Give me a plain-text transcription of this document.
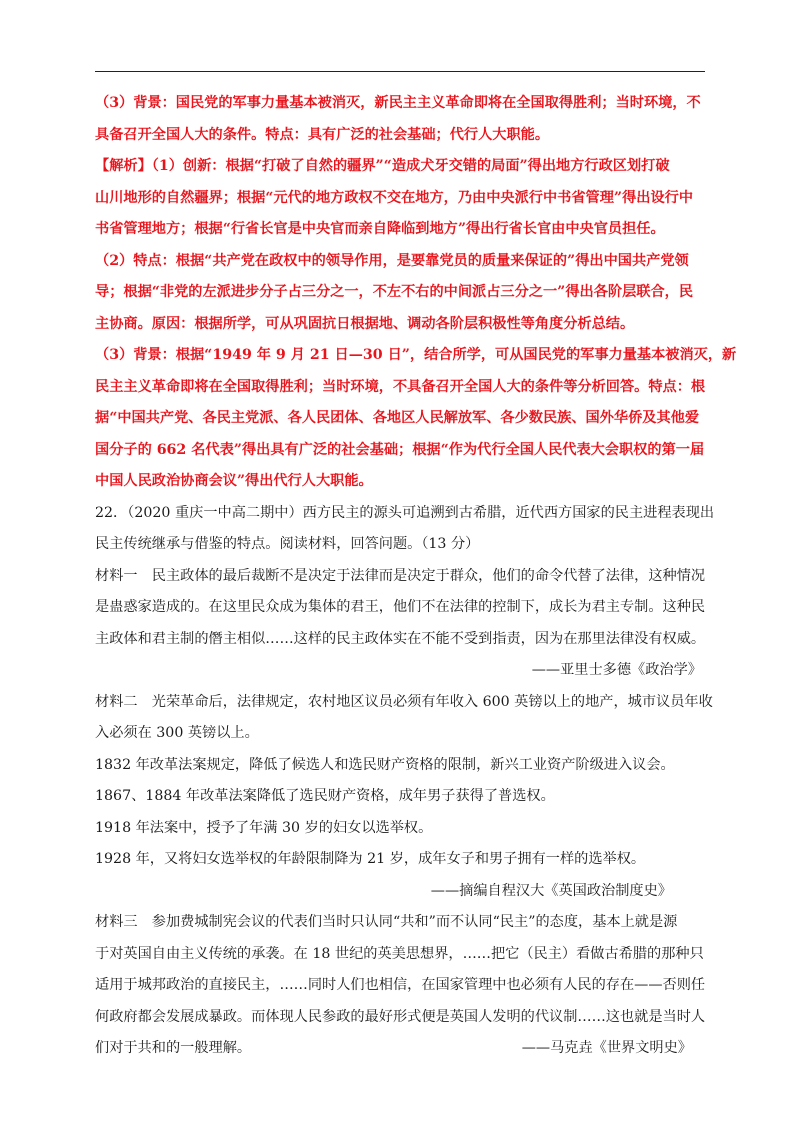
（3）背景：国民党的军事力量基本被消灭，新民主主义革命即将在全国取得胜利；当时环境，不
具备召开全国人大的条件。特点：具有广泛的社会基础；代行人大职能。
【解析】（1）创新：根据“打破了自然的疆界”“造成犬牙交错的局面”得出地方行政区划打破
山川地形的自然疆界；根据“元代的地方政权不交在地方，乃由中央派行中书省管理”得出设行中
书省管理地方；根据“行省长官是中央官而亲自降临到地方”得出行省长官由中央官员担任。
（2）特点：根据“共产党在政权中的领导作用，是要靠党员的质量来保证的”得出中国共产党领
导；根据“非党的左派进步分子占三分之一，不左不右的中间派占三分之一”得出各阶层联合，民
主协商。原因：根据所学，可从巩固抗日根据地、调动各阶层积极性等角度分析总结。
（3）背景：根据“1949 年 9 月 21 日—30 日”，结合所学，可从国民党的军事力量基本被消灭，新
民主主义革命即将在全国取得胜利；当时环境，不具备召开全国人大的条件等分析回答。特点：根
据“中国共产党、各民主党派、各人民团体、各地区人民解放军、各少数民族、国外华侨及其他爱
国分子的 662 名代表”得出具有广泛的社会基础；根据“作为代行全国人民代表大会职权的第一届
中国人民政治协商会议”得出代行人大职能。
22．（2020 重庆一中高二期中）西方民主的源头可追溯到古希腊，近代西方国家的民主进程表现出
民主传统继承与借鉴的特点。阅读材料，回答问题。（13 分）
材料一　民主政体的最后裁断不是决定于法律而是决定于群众，他们的命令代替了法律，这种情况
是蛊惑家造成的。在这里民众成为集体的君王，他们不在法律的控制下，成长为君主专制。这种民
主政体和君主制的僭主相似……这样的民主政体实在不能不受到指责，因为在那里法律没有权威。
——亚里士多德《政治学》
材料二　光荣革命后，法律规定，农村地区议员必须有年收入 600 英镑以上的地产，城市议员年收
入必须在 300 英镑以上。
1832 年改革法案规定，降低了候选人和选民财产资格的限制，新兴工业资产阶级进入议会。
1867、1884 年改革法案降低了选民财产资格，成年男子获得了普选权。
1918 年法案中，授予了年满 30 岁的妇女以选举权。
1928 年，又将妇女选举权的年龄限制降为 21 岁，成年女子和男子拥有一样的选举权。
——摘编自程汉大《英国政治制度史》
材料三　参加费城制宪会议的代表们当时只认同“共和”而不认同“民主”的态度，基本上就是源
于对英国自由主义传统的承袭。在 18 世纪的英美思想界，……把它（民主）看做古希腊的那种只
适用于城邦政治的直接民主，……同时人们也相信，在国家管理中也必须有人民的存在——否则任
何政府都会发展成暴政。而体现人民参政的最好形式便是英国人发明的代议制……这也就是当时人
们对于共和的一般理解。	——马克垚《世界文明史》
